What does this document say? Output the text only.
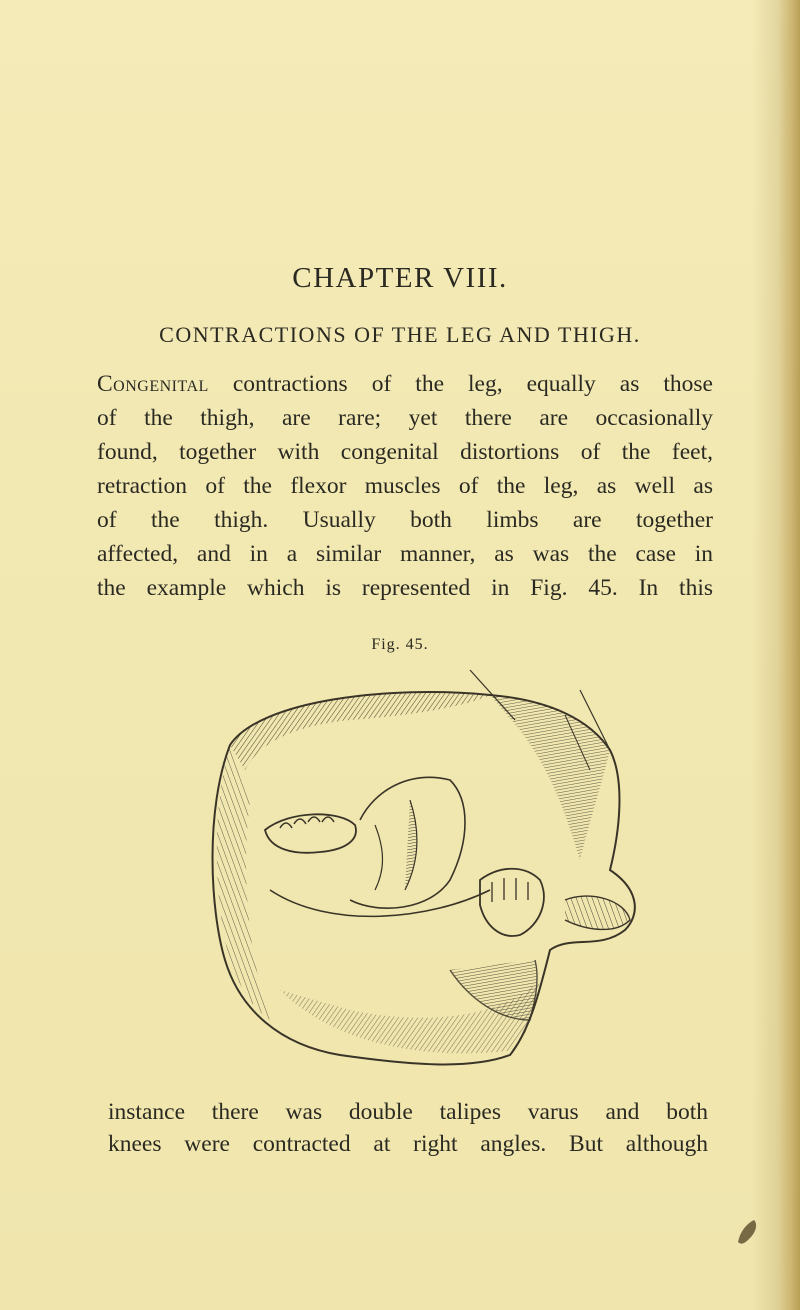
CHAPTER VIII.
CONTRACTIONS OF THE LEG AND THIGH.
Congenital contractions of the leg, equally as those
of the thigh, are rare; yet there are occasionally
found, together with congenital distortions of the feet,
retraction of the flexor muscles of the leg, as well as
of the thigh. Usually both limbs are together
affected, and in a similar manner, as was the case in
the example which is represented in Fig. 45. In this
Fig. 45.
instance there was double talipes varus and both
knees were contracted at right angles. But although
